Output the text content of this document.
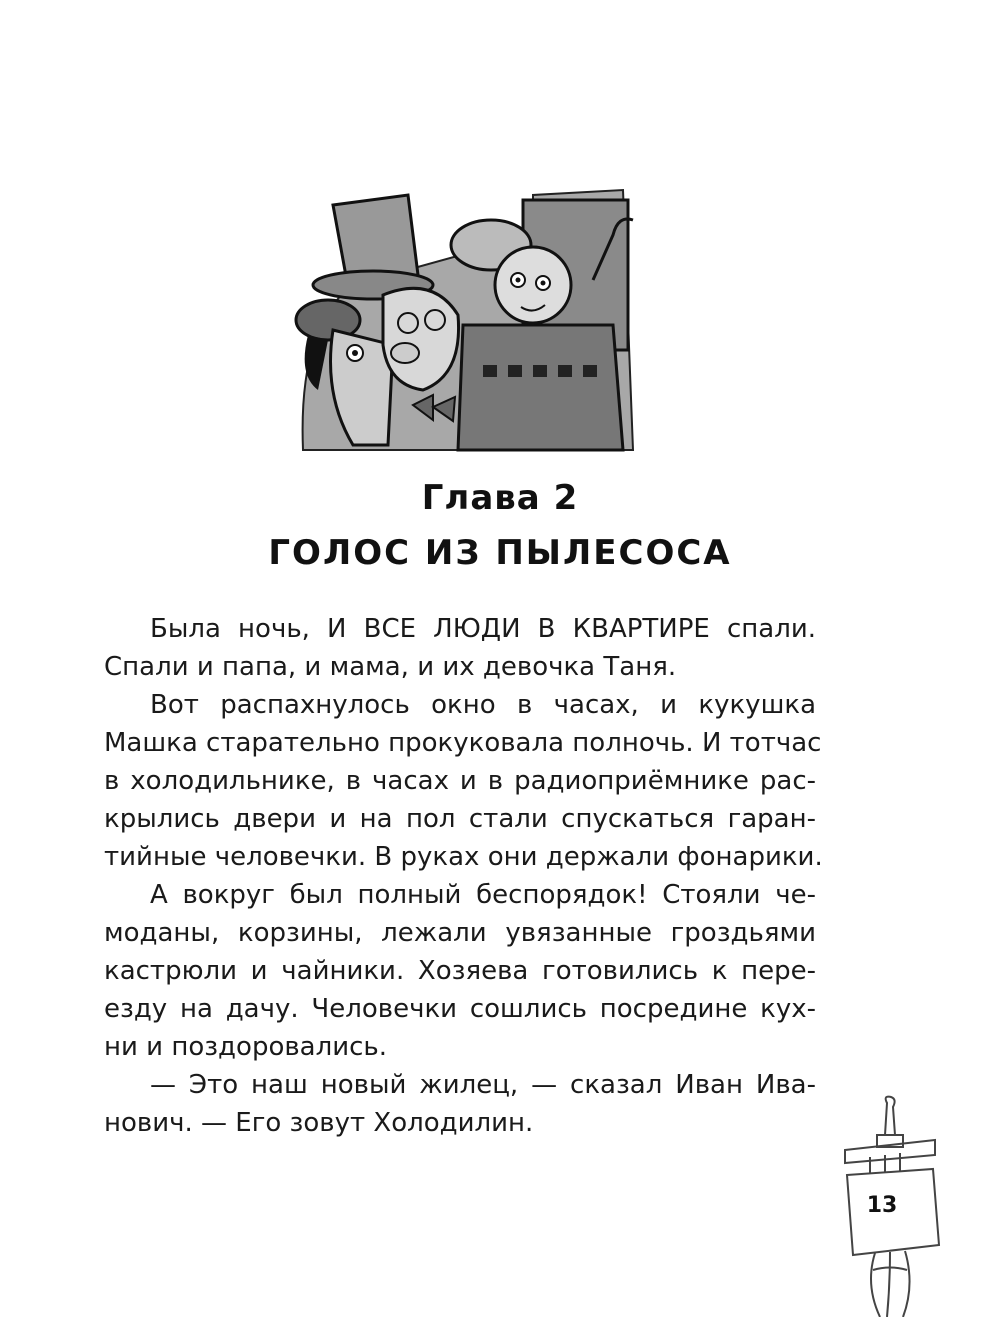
Глава 2
ГОЛОС ИЗ ПЫЛЕСОСА
Была ночь, И ВСЕ ЛЮДИ В КВАРТИРЕ спали.
Спали и папа, и мама, и их девочка Таня.
Вот распахнулось окно в часах, и кукушка
Машка старательно прокуковала полночь. И тотчас
в холодильнике, в часах и в радиоприёмнике рас-
крылись двери и на пол стали спускаться гаран-
тийные человечки. В руках они держали фонарики.
А вокруг был полный беспорядок! Стояли че-
моданы, корзины, лежали увязанные гроздьями
кастрюли и чайники. Хозяева готовились к пере-
езду на дачу. Человечки сошлись посредине кух-
ни и поздоровались.
— Это наш новый жилец, — сказал Иван Ива-
нович. — Его зовут Холодилин.
13
